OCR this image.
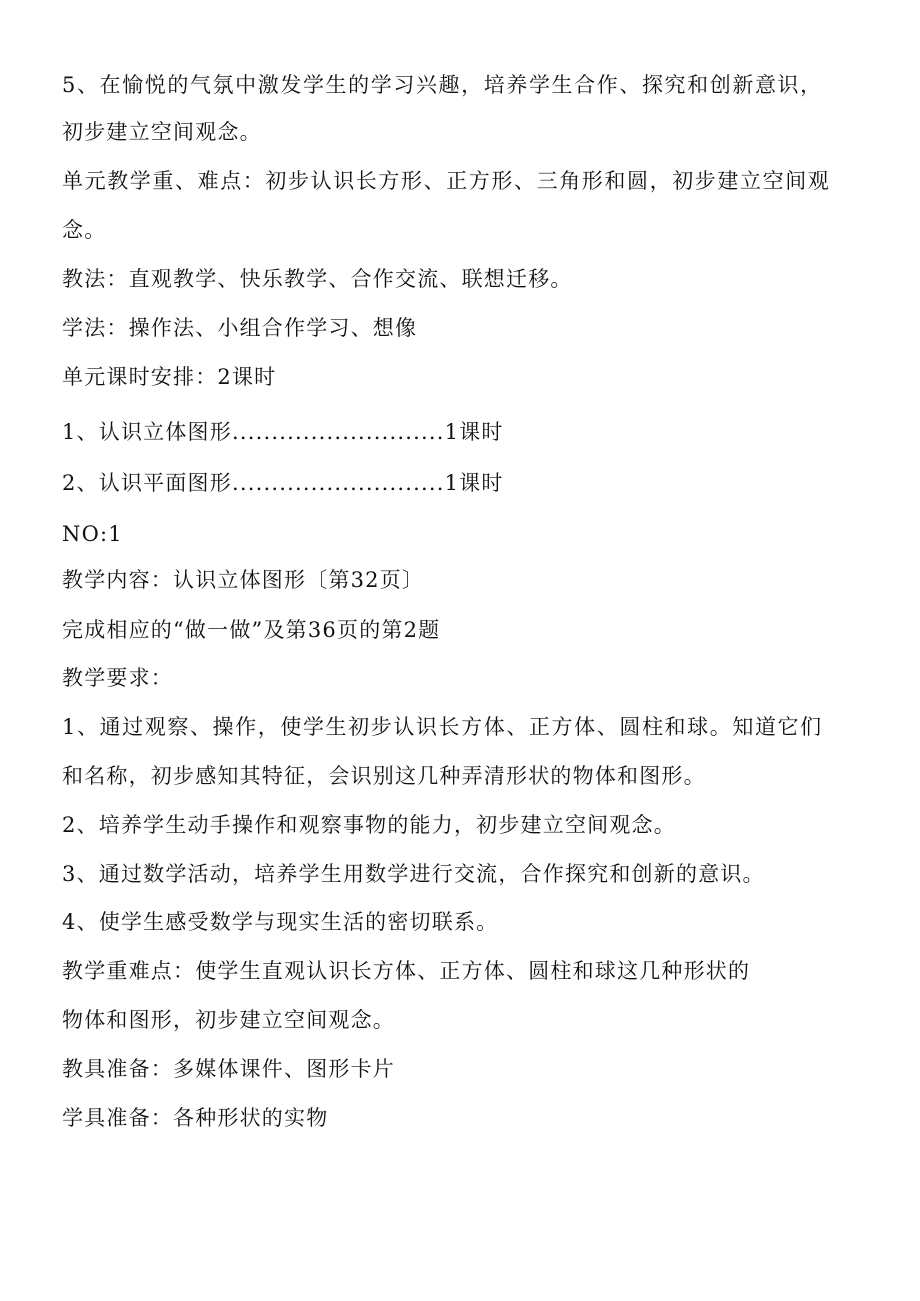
5、在愉悦的气氛中激发学生的学习兴趣，培养学生合作、探究和创新意识，
初步建立空间观念。
单元教学重、难点：初步认识长方形、正方形、三角形和圆，初步建立空间观
念。
教法：直观教学、快乐教学、合作交流、联想迁移。
学法：操作法、小组合作学习、想像
单元课时安排：2课时
1、认识立体图形...........................1课时
2、认识平面图形...........................1课时
NO:1
教学内容：认识立体图形〔第32页〕
完成相应的“做一做”及第36页的第2题
教学要求：
1、通过观察、操作，使学生初步认识长方体、正方体、圆柱和球。知道它们
和名称，初步感知其特征，会识别这几种弄清形状的物体和图形。
2、培养学生动手操作和观察事物的能力，初步建立空间观念。
3、通过数学活动，培养学生用数学进行交流，合作探究和创新的意识。
4、使学生感受数学与现实生活的密切联系。
教学重难点：使学生直观认识长方体、正方体、圆柱和球这几种形状的
物体和图形，初步建立空间观念。
教具准备：多媒体课件、图形卡片
学具准备：各种形状的实物
